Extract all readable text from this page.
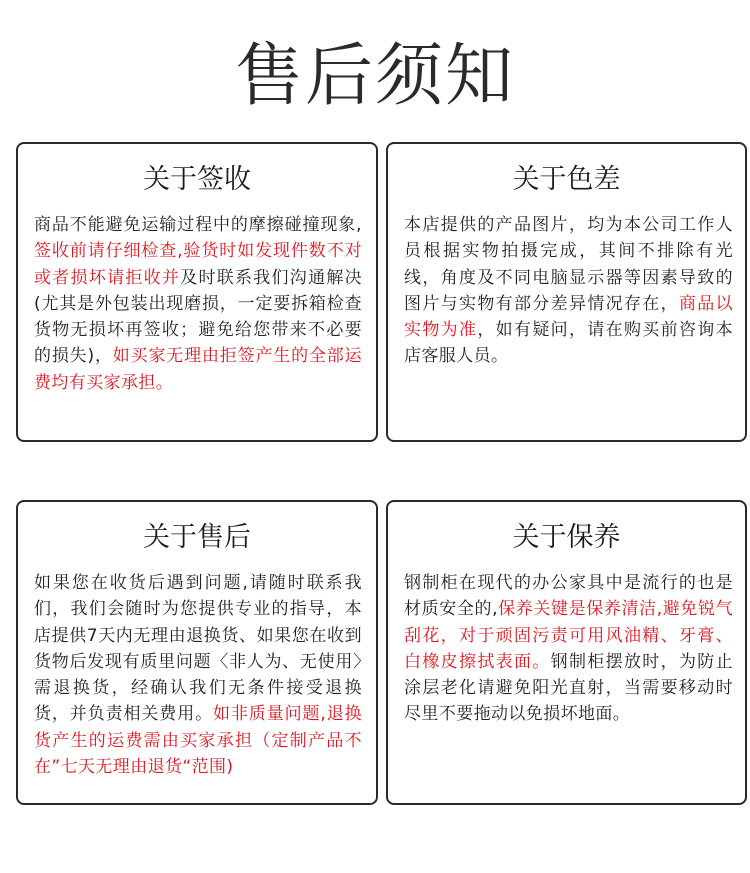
售后须知
关于签收
商品不能避免运输过程中的摩擦碰撞现象,签收前请仔细检查,验货时如发现件数不对或者损坏请拒收并及时联系我们沟通解决(尤其是外包装出现磨损，一定要拆箱检查货物无损坏再签收；避免给您带来不必要的损失)，如买家无理由拒签产生的全部运费均有买家承担。
关于色差
本店提供的产品图片，均为本公司工作人员根据实物拍摄完成，其间不排除有光线，角度及不同电脑显示器等因素导致的图片与实物有部分差异情况存在，商品以实物为准，如有疑问，请在购买前咨询本店客服人员。
关于售后
如果您在收货后遇到问题,请随时联系我们，我们会随时为您提供专业的指导，本店提供7天内无理由退换货、如果您在收到货物后发现有质里问题〈非人为、无使用〉需退换货，经确认我们无条件接受退换货，并负责相关费用。如非质量问题,退换货产生的运费需由买家承担（定制产品不在”七天无理由退货“范围)
关于保养
钢制柜在现代的办公家具中是流行的也是材质安全的,保养关键是保养清洁,避免锐气刮花，对于顽固污责可用风油精、牙膏、白橡皮擦拭表面。钢制柜摆放时，为防止涂层老化请避免阳光直射，当需要移动时尽里不要拖动以免损坏地面。
